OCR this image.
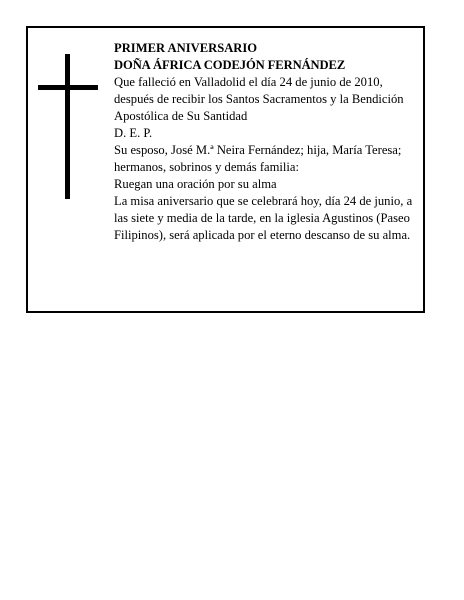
PRIMER ANIVERSARIO

DOÑA ÁFRICA CODEJÓN FERNÁNDEZ

Que falleció en Valladolid el día 24 de junio de 2010, después de recibir los Santos Sacramentos y la Bendición Apostólica de Su Santidad

D. E. P.

Su esposo, José M.ª Neira Fernández; hija, María Teresa; hermanos, sobrinos y demás familia:

Ruegan una oración por su alma

La misa aniversario que se celebrará hoy, día 24 de junio, a las siete y media de la tarde, en la iglesia Agustinos (Paseo Filipinos), será aplicada por el eterno descanso de su alma.
